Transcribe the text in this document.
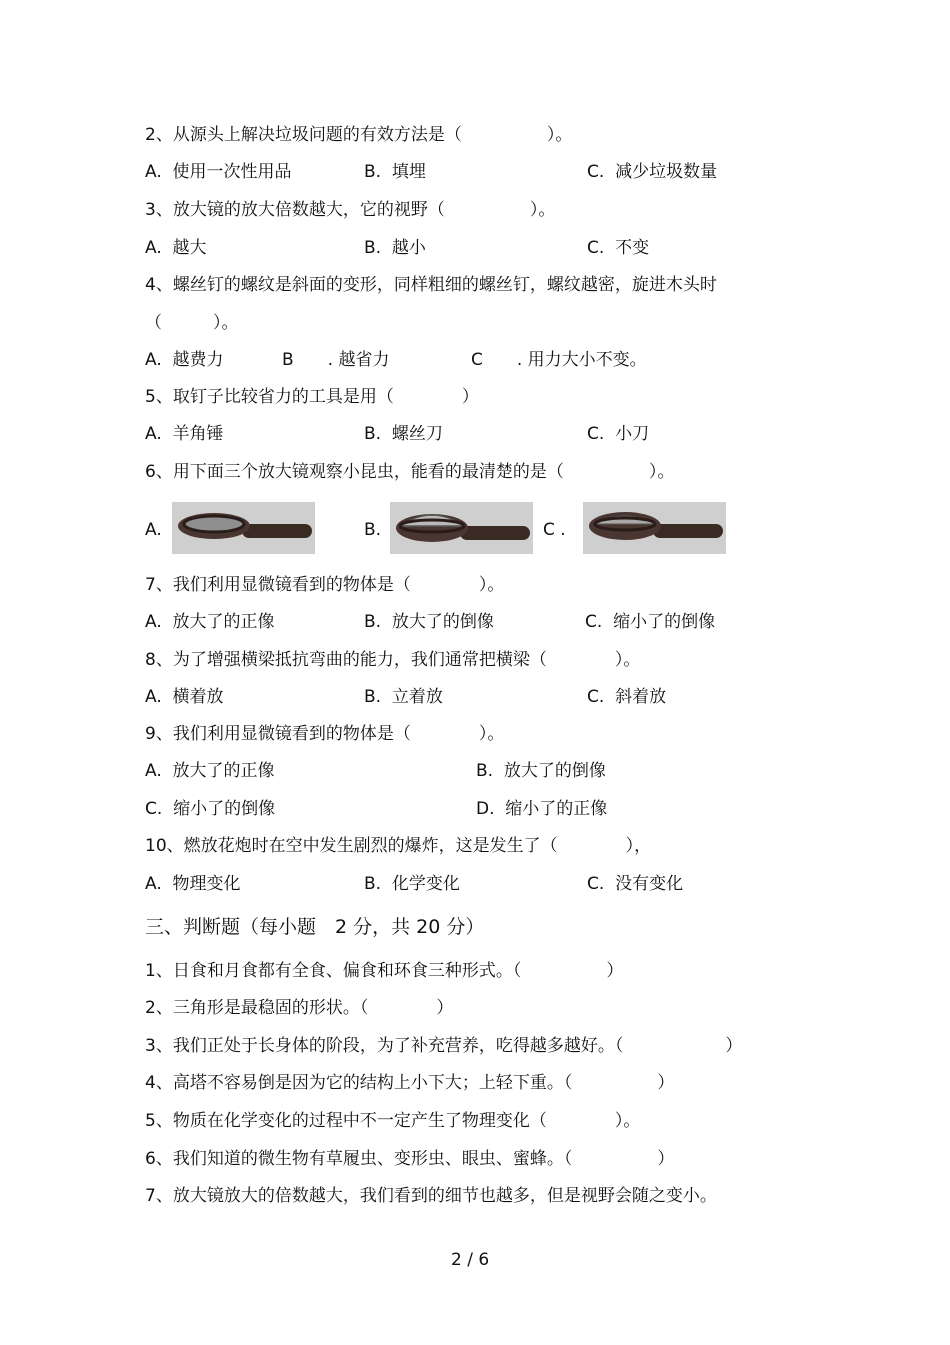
2、从源头上解决垃圾问题的有效方法是（　　　　　）。
A.  使用一次性用品	B.  填埋	C.  减少垃圾数量
3、放大镜的放大倍数越大，它的视野（　　　　　）。
A.  越大	B.  越小	C.  不变
4、螺丝钉的螺纹是斜面的变形，同样粗细的螺丝钉，螺纹越密，旋进木头时
（　　　）。
A.  越费力	B　　. 越省力	C　　. 用力大小不变。
5、取钉子比较省力的工具是用（　　　　）
A.  羊角锤	B.  螺丝刀	C.  小刀
6、用下面三个放大镜观察小昆虫，能看的最清楚的是（　　　　　）。
A.	B.	C .
7、我们利用显微镜看到的物体是（　　　　）。
A.  放大了的正像	B.  放大了的倒像	C.  缩小了的倒像
8、为了增强横梁抵抗弯曲的能力，我们通常把横梁（　　　　）。
A.  横着放	B.  立着放	C.  斜着放
9、我们利用显微镜看到的物体是（　　　　）。
A.  放大了的正像	B.  放大了的倒像
C.  缩小了的倒像	D.  缩小了的正像
10、燃放花炮时在空中发生剧烈的爆炸，这是发生了（　　　　），
A.  物理变化	B.  化学变化	C.  没有变化
三、判断题（每小题　2 分，共 20 分）
1、日食和月食都有全食、偏食和环食三种形式。（　　　　　）
2、三角形是最稳固的形状。（　　　　）
3、我们正处于长身体的阶段，为了补充营养，吃得越多越好。（　　　　　　）
4、高塔不容易倒是因为它的结构上小下大；上轻下重。（　　　　　）
5、物质在化学变化的过程中不一定产生了物理变化（　　　　）。
6、我们知道的微生物有草履虫、变形虫、眼虫、蜜蜂。（　　　　　）
7、放大镜放大的倍数越大，我们看到的细节也越多，但是视野会随之变小。
2 / 6
